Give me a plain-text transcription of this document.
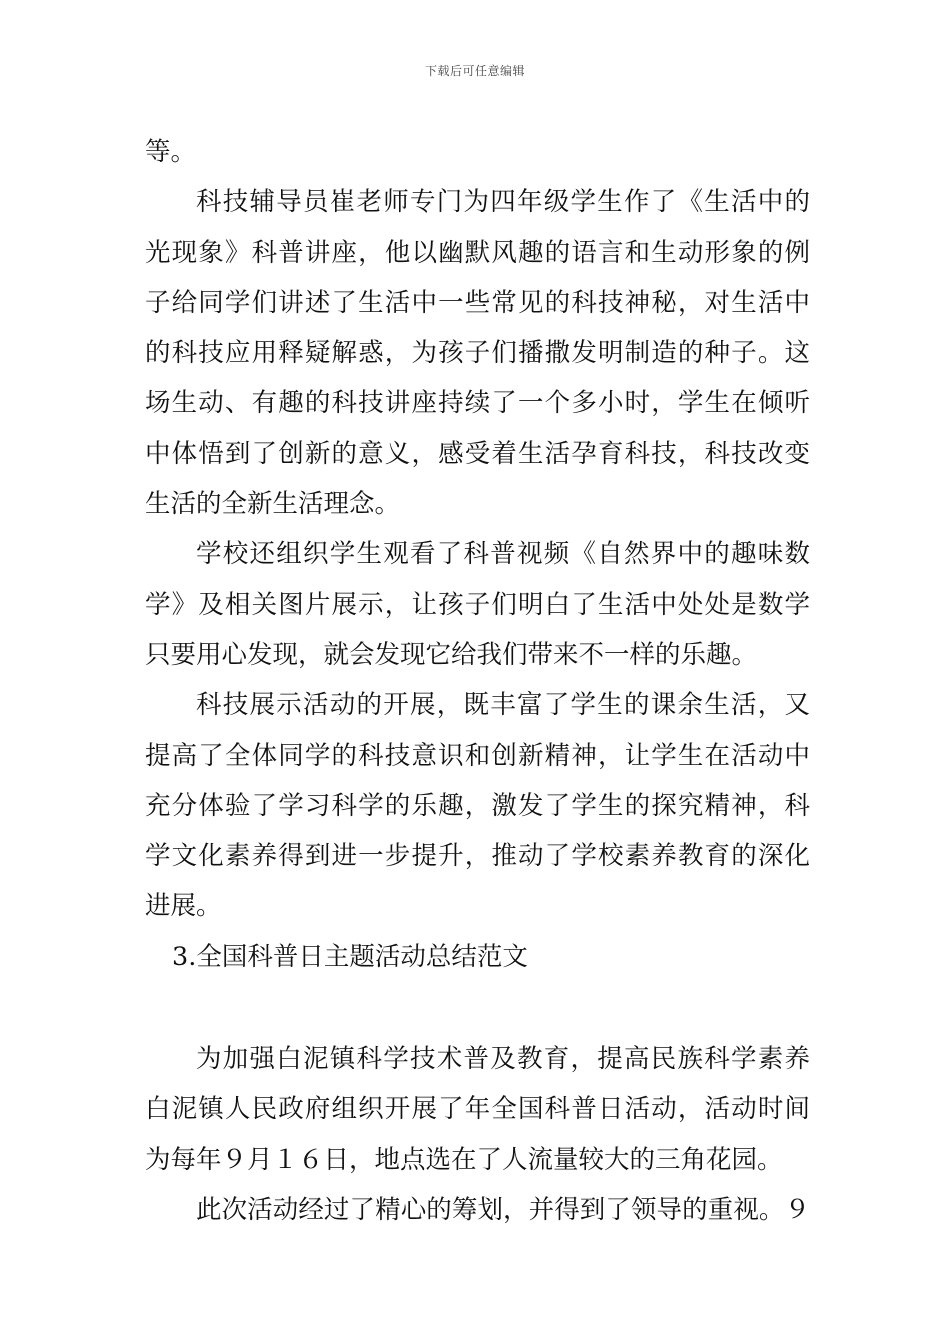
下载后可任意编辑
等。
科技辅导员崔老师专门为四年级学生作了《生活中的
光现象》科普讲座，他以幽默风趣的语言和生动形象的例
子给同学们讲述了生活中一些常见的科技神秘，对生活中
的科技应用释疑解惑，为孩子们播撒发明制造的种子。这
场生动、有趣的科技讲座持续了一个多小时，学生在倾听
中体悟到了创新的意义，感受着生活孕育科技，科技改变
生活的全新生活理念。
学校还组织学生观看了科普视频《自然界中的趣味数
学》及相关图片展示，让孩子们明白了生活中处处是数学
只要用心发现，就会发现它给我们带来不一样的乐趣。
科技展示活动的开展，既丰富了学生的课余生活，又
提高了全体同学的科技意识和创新精神，让学生在活动中
充分体验了学习科学的乐趣，激发了学生的探究精神，科
学文化素养得到进一步提升，推动了学校素养教育的深化
进展。
3.全国科普日主题活动总结范文
为加强白泥镇科学技术普及教育，提高民族科学素养
白泥镇人民政府组织开展了年全国科普日活动，活动时间
为每年９月１６日，地点选在了人流量较大的三角花园。
此次活动经过了精心的筹划，并得到了领导的重视。９
